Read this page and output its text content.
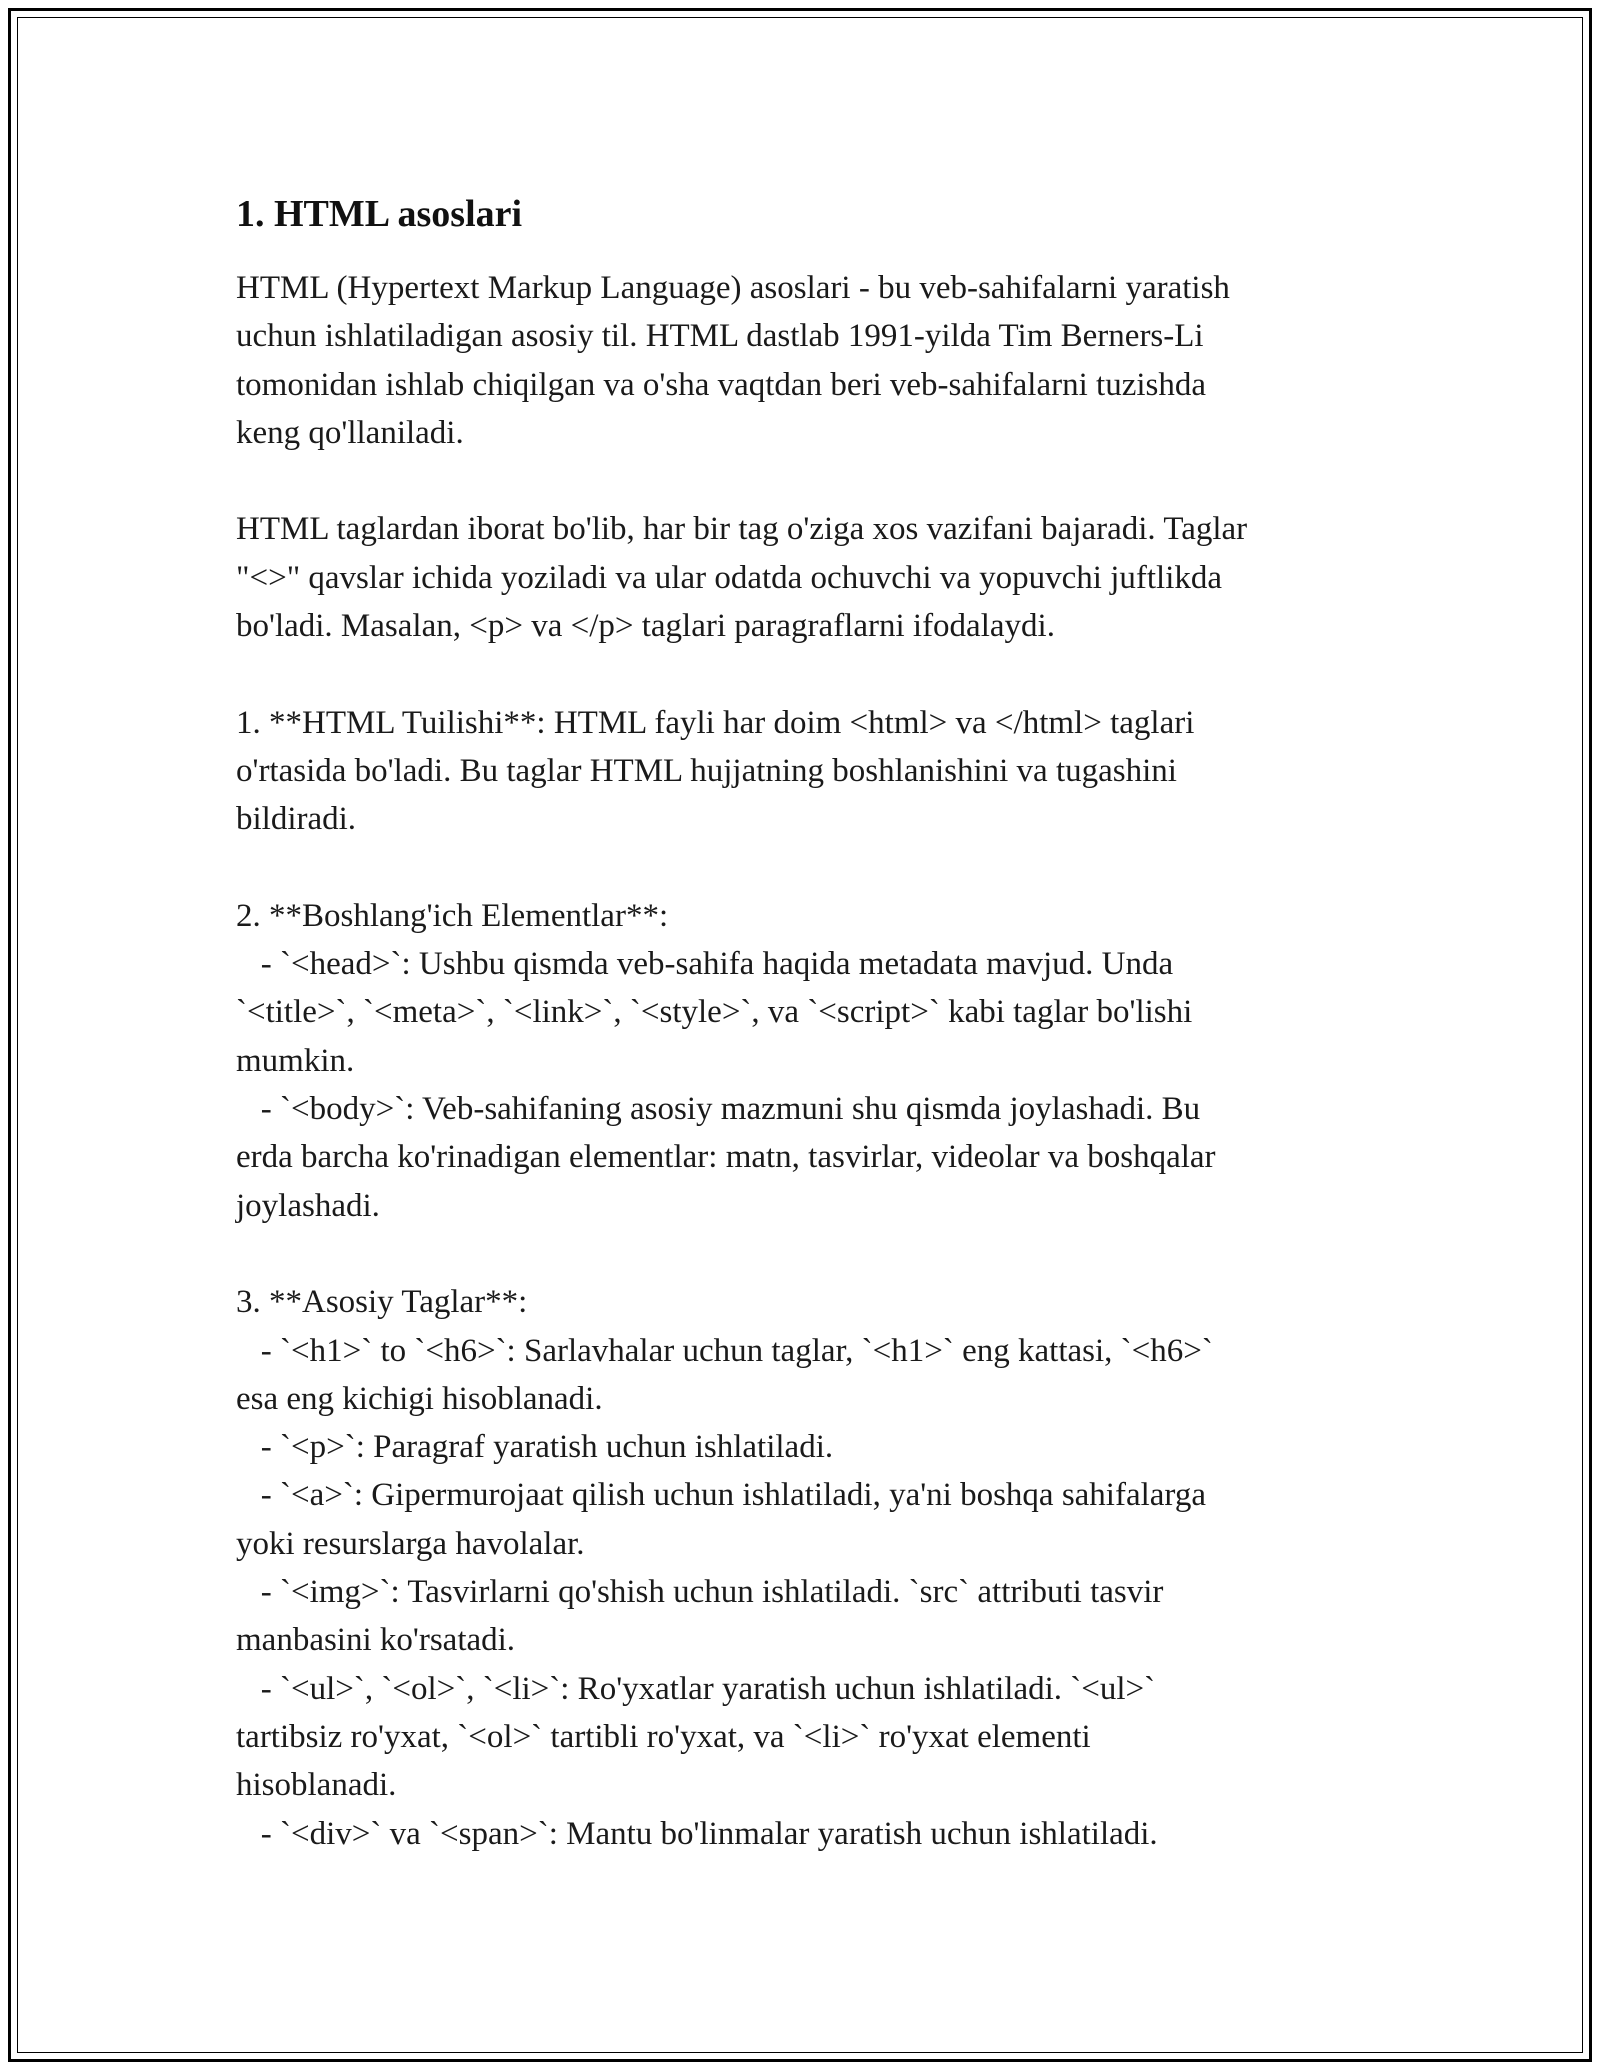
1. HTML asoslari
HTML (Hypertext Markup Language) asoslari - bu veb-sahifalarni yaratish
uchun ishlatiladigan asosiy til. HTML dastlab 1991-yilda Tim Berners-Li
tomonidan ishlab chiqilgan va o'sha vaqtdan beri veb-sahifalarni tuzishda
keng qo'llaniladi.
HTML taglardan iborat bo'lib, har bir tag o'ziga xos vazifani bajaradi. Taglar
"<>" qavslar ichida yoziladi va ular odatda ochuvchi va yopuvchi juftlikda
bo'ladi. Masalan, <p> va </p> taglari paragraflarni ifodalaydi.
1. **HTML Tuilishi**: HTML fayli har doim <html> va </html> taglari
o'rtasida bo'ladi. Bu taglar HTML hujjatning boshlanishini va tugashini
bildiradi.
2. **Boshlang'ich Elementlar**:
- `<head>`: Ushbu qismda veb-sahifa haqida metadata mavjud. Unda
`<title>`, `<meta>`, `<link>`, `<style>`, va `<script>` kabi taglar bo'lishi
mumkin.
- `<body>`: Veb-sahifaning asosiy mazmuni shu qismda joylashadi. Bu
erda barcha ko'rinadigan elementlar: matn, tasvirlar, videolar va boshqalar
joylashadi.
3. **Asosiy Taglar**:
- `<h1>` to `<h6>`: Sarlavhalar uchun taglar, `<h1>` eng kattasi, `<h6>`
esa eng kichigi hisoblanadi.
- `<p>`: Paragraf yaratish uchun ishlatiladi.
- `<a>`: Gipermurojaat qilish uchun ishlatiladi, ya'ni boshqa sahifalarga
yoki resurslarga havolalar.
- `<img>`: Tasvirlarni qo'shish uchun ishlatiladi. `src` attributi tasvir
manbasini ko'rsatadi.
- `<ul>`, `<ol>`, `<li>`: Ro'yxatlar yaratish uchun ishlatiladi. `<ul>`
tartibsiz ro'yxat, `<ol>` tartibli ro'yxat, va `<li>` ro'yxat elementi
hisoblanadi.
- `<div>` va `<span>`: Mantu bo'linmalar yaratish uchun ishlatiladi.
